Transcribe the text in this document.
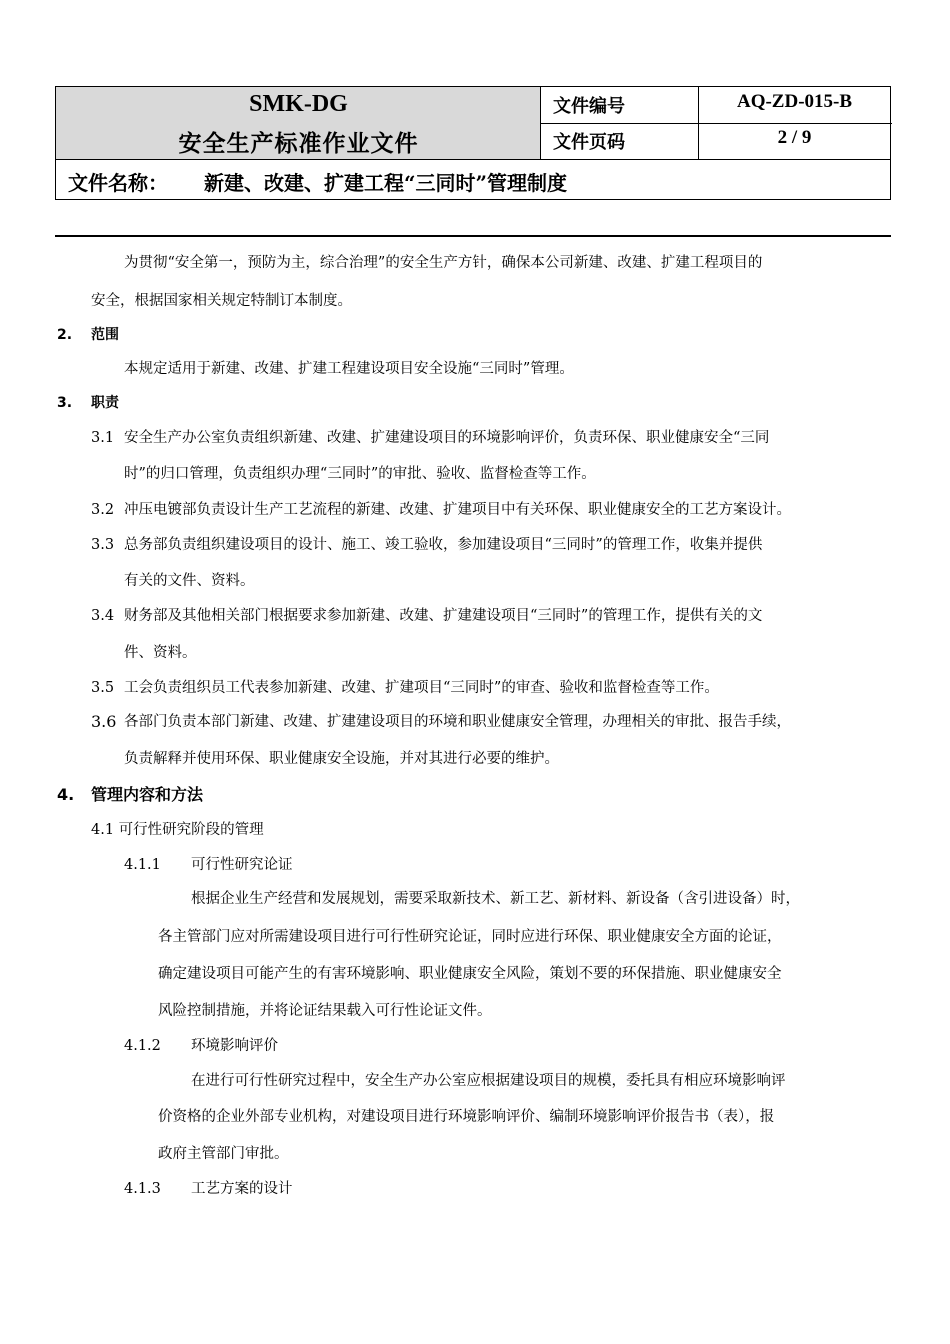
SMK-DG
安全生产标准作业文件
文件编号	AQ-ZD-015-B
文件页码	2 / 9
文件名称： 新建、改建、扩建工程“三同时”管理制度
为贯彻“安全第一，预防为主，综合治理”的安全生产方针，确保本公司新建、改建、扩建工程项目的
安全，根据国家相关规定特制订本制度。
2. 范围
本规定适用于新建、改建、扩建工程建设项目安全设施“三同时”管理。
3. 职责
3.1 安全生产办公室负责组织新建、改建、扩建建设项目的环境影响评价，负责环保、职业健康安全“三同
时”的归口管理，负责组织办理“三同时”的审批、验收、监督检查等工作。
3.2 冲压电镀部负责设计生产工艺流程的新建、改建、扩建项目中有关环保、职业健康安全的工艺方案设计。
3.3 总务部负责组织建设项目的设计、施工、竣工验收，参加建设项目“三同时”的管理工作，收集并提供
有关的文件、资料。
3.4 财务部及其他相关部门根据要求参加新建、改建、扩建建设项目“三同时”的管理工作，提供有关的文
件、资料。
3.5 工会负责组织员工代表参加新建、改建、扩建项目“三同时”的审查、验收和监督检查等工作。
3.6 各部门负责本部门新建、改建、扩建建设项目的环境和职业健康安全管理，办理相关的审批、报告手续，
负责解释并使用环保、职业健康安全设施，并对其进行必要的维护。
4. 管理内容和方法
4.1 可行性研究阶段的管理
4.1.1 可行性研究论证
根据企业生产经营和发展规划，需要采取新技术、新工艺、新材料、新设备（含引进设备）时，
各主管部门应对所需建设项目进行可行性研究论证，同时应进行环保、职业健康安全方面的论证，
确定建设项目可能产生的有害环境影响、职业健康安全风险，策划不要的环保措施、职业健康安全
风险控制措施，并将论证结果载入可行性论证文件。
4.1.2 环境影响评价
在进行可行性研究过程中，安全生产办公室应根据建设项目的规模，委托具有相应环境影响评
价资格的企业外部专业机构，对建设项目进行环境影响评价、编制环境影响评价报告书（表），报
政府主管部门审批。
4.1.3 工艺方案的设计
